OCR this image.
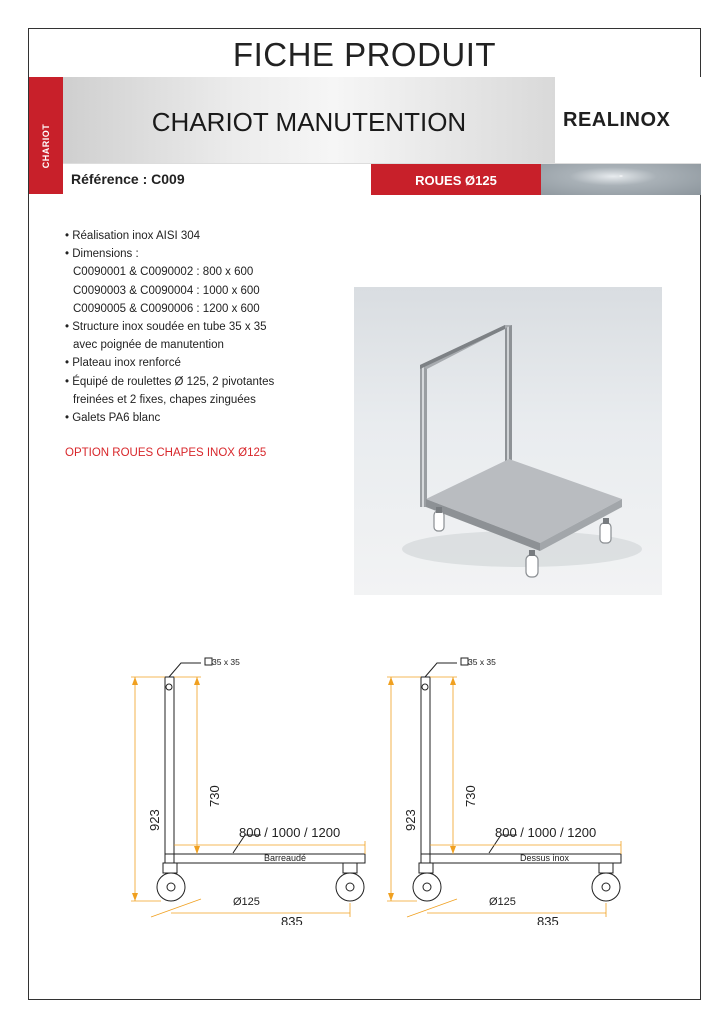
FICHE PRODUIT
CHARIOT
CHARIOT MANUTENTION	REALINOX
Référence : C009	ROUES Ø125	-
• Réalisation inox AISI 304
• Dimensions :
C0090001 & C0090002 : 800 x 600
C0090003 & C0090004 : 1000 x 600
C0090005 & C0090006 : 1200 x 600
• Structure inox soudée en tube 35 x 35
avec poignée de manutention
• Plateau inox renforcé
• Équipé de roulettes Ø 125, 2 pivotantes
freinées et 2 fixes, chapes zinguées
• Galets PA6 blanc
OPTION ROUES CHAPES INOX Ø125
35 x 35
923
730
800 / 1000 / 1200
Barreaudé
Ø125
835
35 x 35
923
730
800 / 1000 / 1200
Dessus inox
Ø125
835
